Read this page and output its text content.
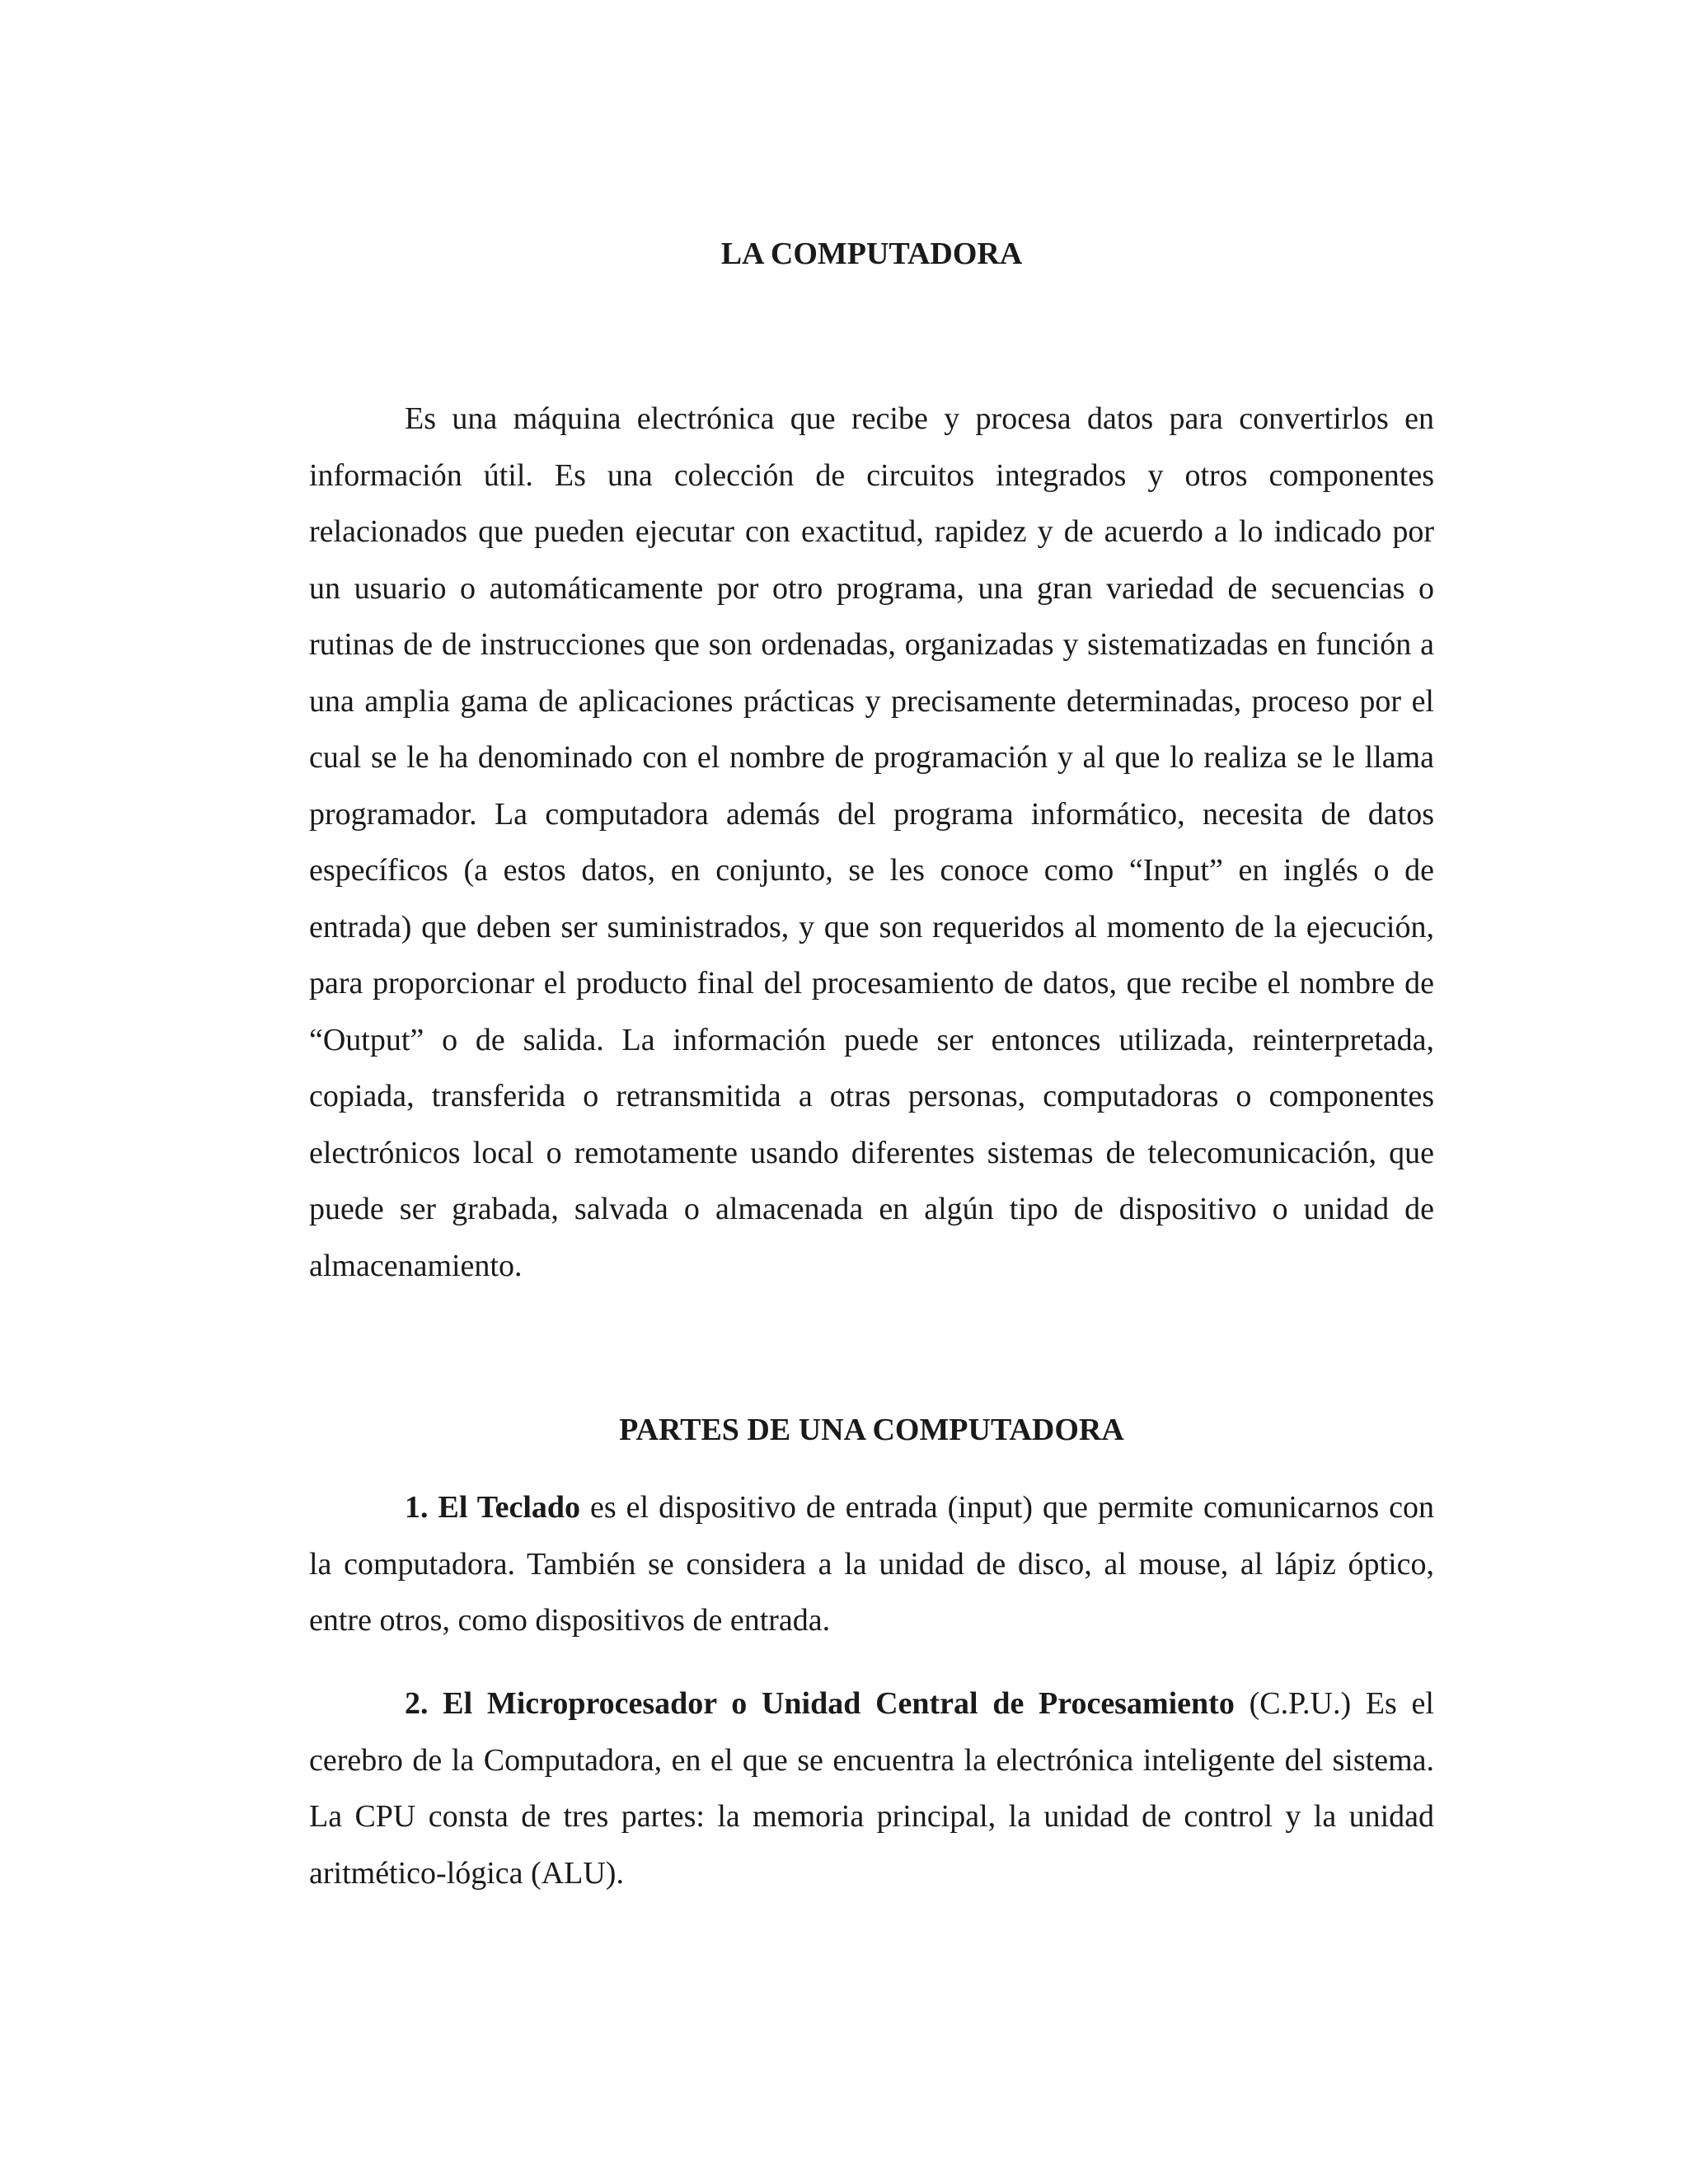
LA COMPUTADORA

Es una máquina electrónica que recibe y procesa datos para convertirlos en información útil. Es una colección de circuitos integrados y otros componentes relacionados que pueden ejecutar con exactitud, rapidez y de acuerdo a lo indicado por un usuario o automáticamente por otro programa, una gran variedad de secuencias o rutinas de de instrucciones que son ordenadas, organizadas y sistematizadas en función a una amplia gama de aplicaciones prácticas y precisamente determinadas, proceso por el cual se le ha denominado con el nombre de programación y al que lo realiza se le llama programador. La computadora además del programa informático, necesita de datos específicos (a estos datos, en conjunto, se les conoce como “Input” en inglés o de entrada) que deben ser suministrados, y que son requeridos al momento de la ejecución, para proporcionar el producto final del procesamiento de datos, que recibe el nombre de “Output” o de salida. La información puede ser entonces utilizada, reinterpretada, copiada, transferida o retransmitida a otras personas, computadoras o componentes electrónicos local o remotamente usando diferentes sistemas de telecomunicación, que puede ser grabada, salvada o almacenada en algún tipo de dispositivo o unidad de almacenamiento.

PARTES DE UNA COMPUTADORA

1. El Teclado es el dispositivo de entrada (input) que permite comunicarnos con la computadora. También se considera a la unidad de disco, al mouse, al lápiz óptico, entre otros, como dispositivos de entrada.

2. El Microprocesador o Unidad Central de Procesamiento (C.P.U.) Es el cerebro de la Computadora, en el que se encuentra la electrónica inteligente del sistema. La CPU consta de tres partes: la memoria principal, la unidad de control y la unidad aritmético-lógica (ALU).
